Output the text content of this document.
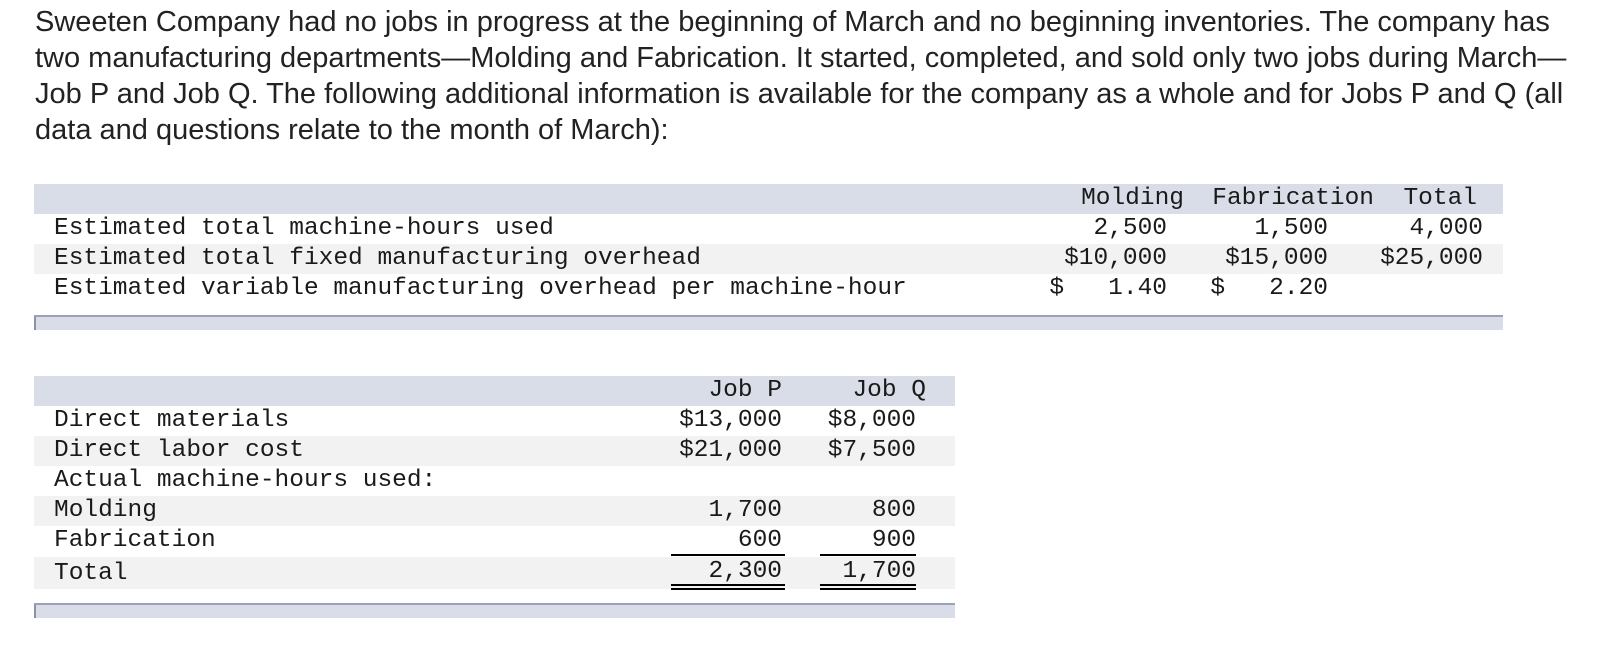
Sweeten Company had no jobs in progress at the beginning of March and no beginning inventories. The company has two manufacturing departments—Molding and Fabrication. It started, completed, and sold only two jobs during March—Job P and Job Q. The following additional information is available for the company as a whole and for Jobs P and Q (all data and questions relate to the month of March):
Molding	Fabrication	Total
Estimated total machine-hours used	2,500	1,500	4,000
Estimated total fixed manufacturing overhead	$10,000	$15,000	$25,000
Estimated variable manufacturing overhead per machine-hour	$   1.40	$   2.20
Job P	Job Q
Direct materials	$13,000	$8,000
Direct labor cost	$21,000	$7,500
Actual machine-hours used:
Molding	1,700	800
Fabrication	600	900
Total	2,300	1,700
